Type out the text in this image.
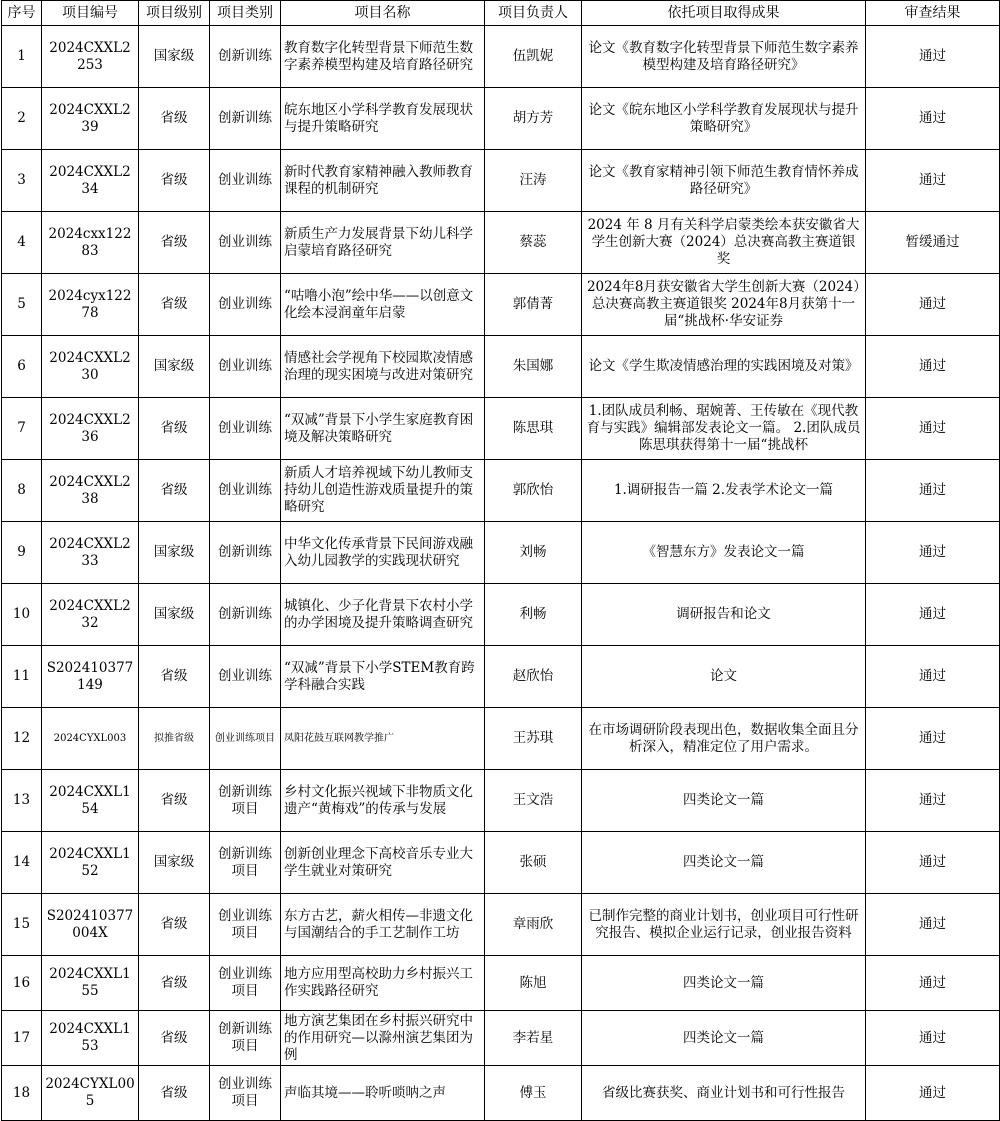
序号	项目编号	项目级别	项目类别	项目名称	项目负责人	依托项目取得成果	审查结果

1	2024CXXL2253	国家级	创新训练	教育数字化转型背景下师范生数字素养模型构建及培育路径研究	伍凯妮	论文《教育数字化转型背景下师范生数字素养模型构建及培育路径研究》	通过

2	2024CXXL239	省级	创新训练	皖东地区小学科学教育发展现状与提升策略研究	胡方芳	论文《皖东地区小学科学教育发展现状与提升策略研究》	通过

3	2024CXXL234	省级	创业训练	新时代教育家精神融入教师教育课程的机制研究	汪涛	论文《教育家精神引领下师范生教育情怀养成路径研究》	通过

4	2024cxx12283	省级	创业训练	新质生产力发展背景下幼儿科学启蒙培育路径研究	蔡蕊	2024 年 8 月有关科学启蒙类绘本获安徽省大学生创新大赛（2024）总决赛高教主赛道银奖	暂缓通过

5	2024cyx12278	省级	创业训练	“咕噜小泡”绘中华——以创意文化绘本浸润童年启蒙	郭倩菁	2024年8月获安徽省大学生创新大赛（2024）总决赛高教主赛道银奖 2024年8月获第十一届“挑战杯·华安证券	通过

6	2024CXXL230	国家级	创业训练	情感社会学视角下校园欺凌情感治理的现实困境与改进对策研究	朱国娜	论文《学生欺凌情感治理的实践困境及对策》	通过

7	2024CXXL236	省级	创业训练	“双减”背景下小学生家庭教育困境及解决策略研究	陈思琪	1.团队成员利畅、琚婉菁、王传敏在《现代教育与实践》编辑部发表论文一篇。 2.团队成员陈思琪获得第十一届“挑战杯	通过

8	2024CXXL238	省级	创业训练	新质人才培养视域下幼儿教师支持幼儿创造性游戏质量提升的策略研究	郭欣怡	1.调研报告一篇 2.发表学术论文一篇	通过

9	2024CXXL233	国家级	创新训练	中华文化传承背景下民间游戏融入幼儿园教学的实践现状研究	刘畅	《智慧东方》发表论文一篇	通过

10	2024CXXL232	国家级	创新训练	城镇化、少子化背景下农村小学的办学困境及提升策略调查研究	利畅	调研报告和论文	通过

11	S202410377149	省级	创业训练	“双减”背景下小学STEM教育跨学科融合实践	赵欣怡	论文	通过

12	2024CYXL003	拟推省级	创业训练项目	凤阳花鼓互联网教学推广	王苏琪	在市场调研阶段表现出色，数据收集全面且分析深入，精准定位了用户需求。	通过

13	2024CXXL154	省级	创新训练项目	乡村文化振兴视域下非物质文化遗产“黄梅戏”的传承与发展	王文浩	四类论文一篇	通过

14	2024CXXL152	国家级	创新训练项目	创新创业理念下高校音乐专业大学生就业对策研究	张硕	四类论文一篇	通过

15	S202410377004X	省级	创业训练项目	东方古艺，薪火相传—非遗文化与国潮结合的手工艺制作工坊	章雨欣	已制作完整的商业计划书，创业项目可行性研究报告、模拟企业运行记录，创业报告资料	通过

16	2024CXXL155	省级	创业训练项目	地方应用型高校助力乡村振兴工作实践路径研究	陈旭	四类论文一篇	通过

17	2024CXXL153	省级	创新训练项目	地方演艺集团在乡村振兴研究中的作用研究—以滁州演艺集团为例	李若星	四类论文一篇	通过

18	2024CYXL005	省级	创业训练项目	声临其境——聆听唢呐之声	傅玉	省级比赛获奖、商业计划书和可行性报告	通过
